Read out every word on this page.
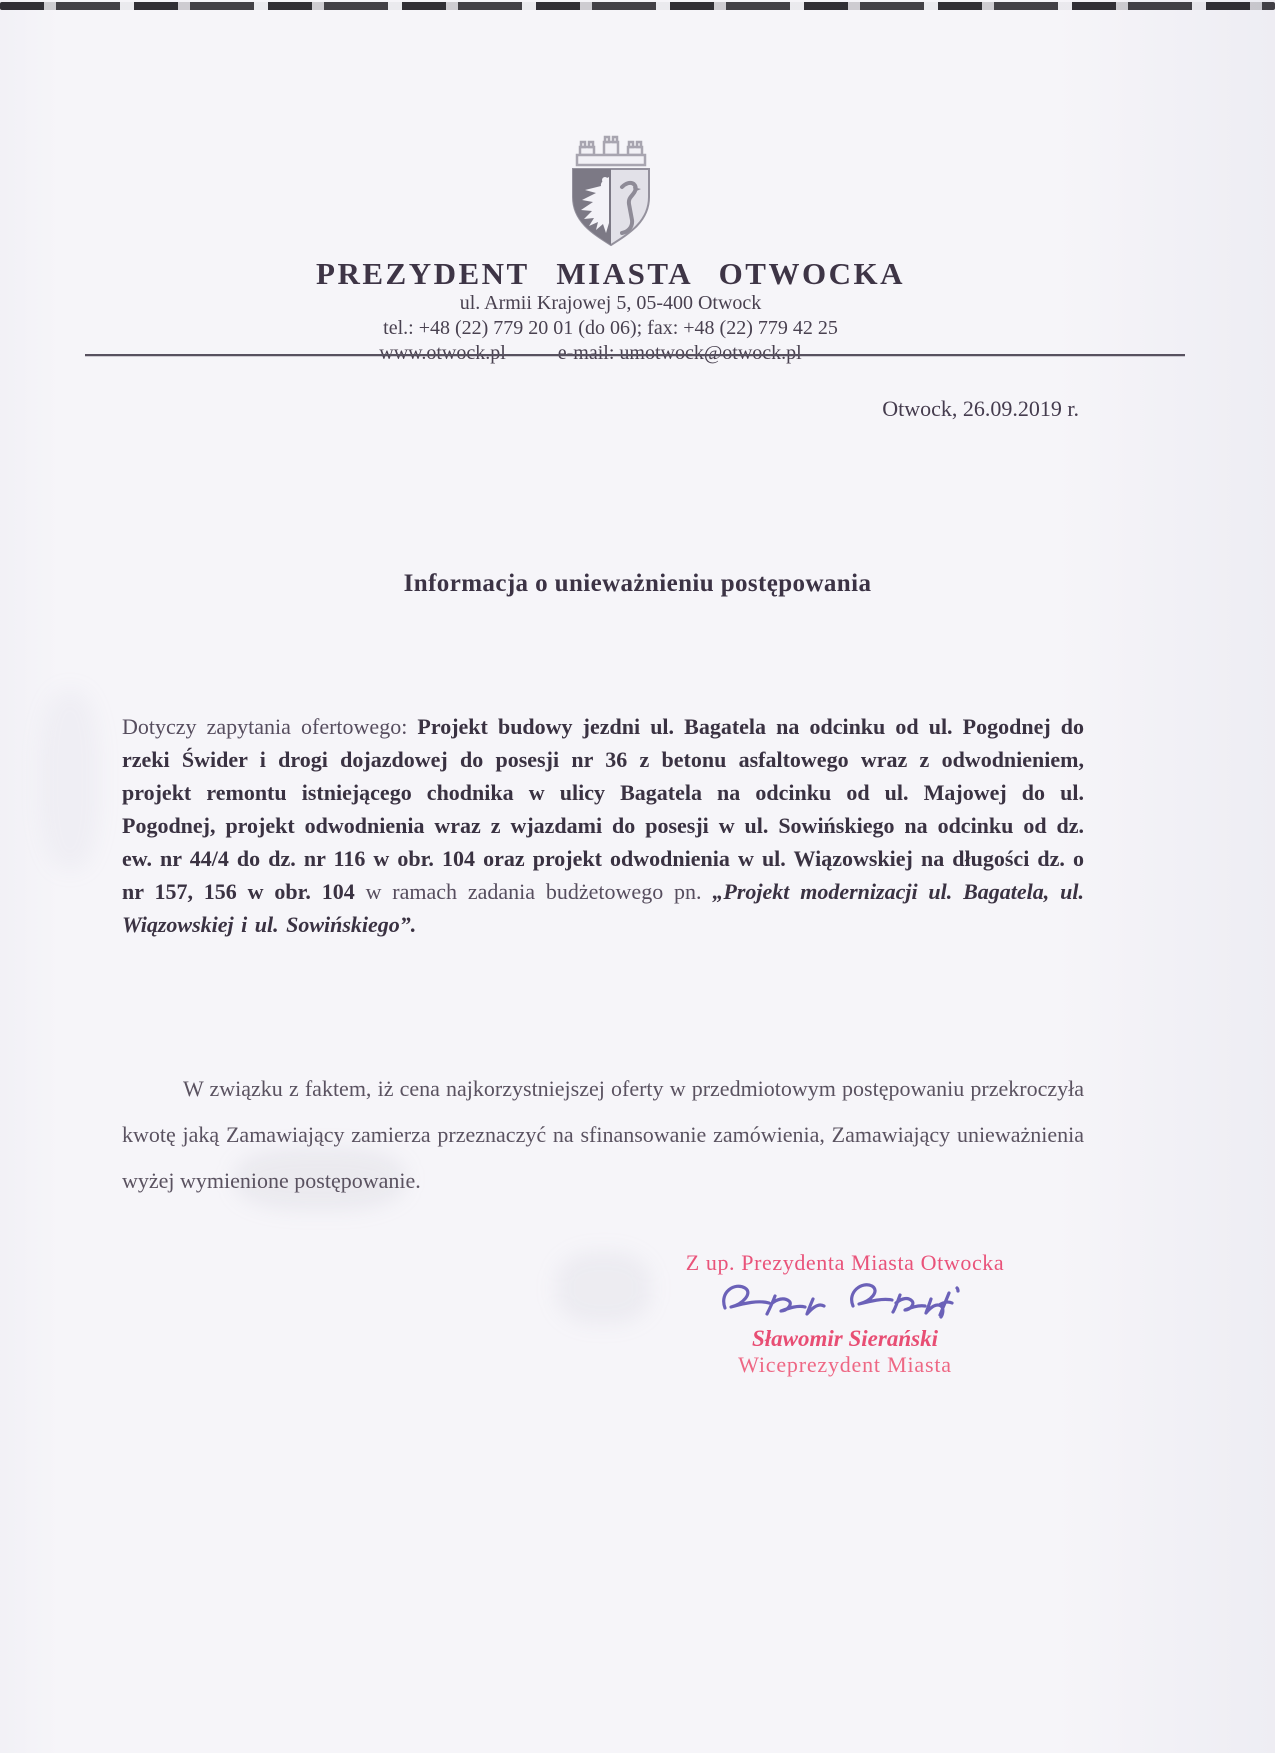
PREZYDENT MIASTA OTWOCKA
ul. Armii Krajowej 5, 05-400 Otwock
tel.: +48 (22) 779 20 01 (do 06); fax: +48 (22) 779 42 25
www.otwock.pl	e-mail: umotwock@otwock.pl
Otwock, 26.09.2019 r.
Informacja o unieważnieniu postępowania

Dotyczy zapytania ofertowego: Projekt budowy jezdni ul. Bagatela na odcinku od ul. Pogodnej do rzeki Świder i drogi dojazdowej do posesji nr 36 z betonu asfaltowego wraz z odwodnieniem, projekt remontu istniejącego chodnika w ulicy Bagatela na odcinku od ul. Majowej do ul. Pogodnej, projekt odwodnienia wraz z wjazdami do posesji w ul. Sowińskiego na odcinku od dz. ew. nr 44/4 do dz. nr 116 w obr. 104 oraz projekt odwodnienia w ul. Wiązowskiej na długości dz. o nr 157, 156 w obr. 104 w ramach zadania budżetowego pn. „Projekt modernizacji ul. Bagatela, ul. Wiązowskiej i ul. Sowińskiego”.

W związku z faktem, iż cena najkorzystniejszej oferty w przedmiotowym postępowaniu przekroczyła kwotę jaką Zamawiający zamierza przeznaczyć na sfinansowanie zamówienia, Zamawiający unieważnienia wyżej wymienione postępowanie.

Z up. Prezydenta Miasta Otwocka
Sławomir Sierański
Wiceprezydent Miasta
